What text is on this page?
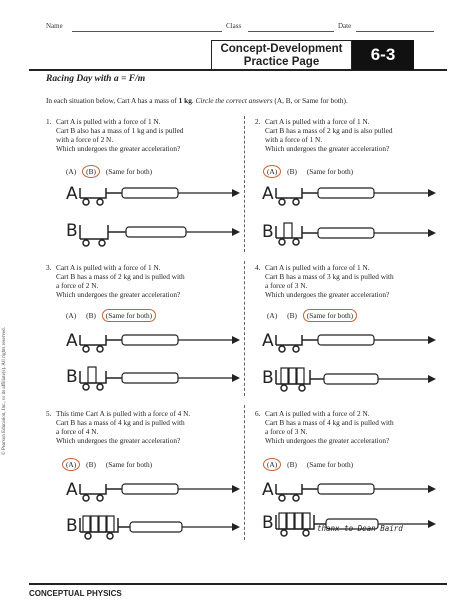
Name	Class	Date
Concept-Development
Practice Page	6-3
Racing Day with a = F/m
In each situation below, Cart A has a mass of 1 kg. Circle the correct answers (A, B, or Same for both).
1. Cart A is pulled with a force of 1 N.
Cart B also has a mass of 1 kg and is pulled
with a force of 2 N.
Which undergoes the greater acceleration?
(A) (B) (Same for both)
A
B
2. Cart A is pulled with a force of 1 N.
Cart B has a mass of 2 kg and is also pulled
with a force of 1 N.
Which undergoes the greater acceleration?
(A) (B) (Same for both)
A
B
3. Cart A is pulled with a force of 1 N.
Cart B has a mass of 2 kg and is pulled with
a force of 2 N.
Which undergoes the greater acceleration?
(A) (B) (Same for both)
A
B
4. Cart A is pulled with a force of 1 N.
Cart B has a mass of 3 kg and is pulled with
a force of 3 N.
Which undergoes the greater acceleration?
(A) (B) (Same for both)
A
B
5. This time Cart A is pulled with a force of 4 N.
Cart B has a mass of 4 kg and is pulled with
a force of 4 N.
Which undergoes the greater acceleration?
(A) (B) (Same for both)
A
B
6. Cart A is pulled with a force of 2 N.
Cart B has a mass of 4 kg and is pulled with
a force of 3 N.
Which undergoes the greater acceleration?
(A) (B) (Same for both)
A
B	thanx to Dean Baird
CONCEPTUAL PHYSICS
© Pearson Education, Inc., or its affiliate(s). All rights reserved.
